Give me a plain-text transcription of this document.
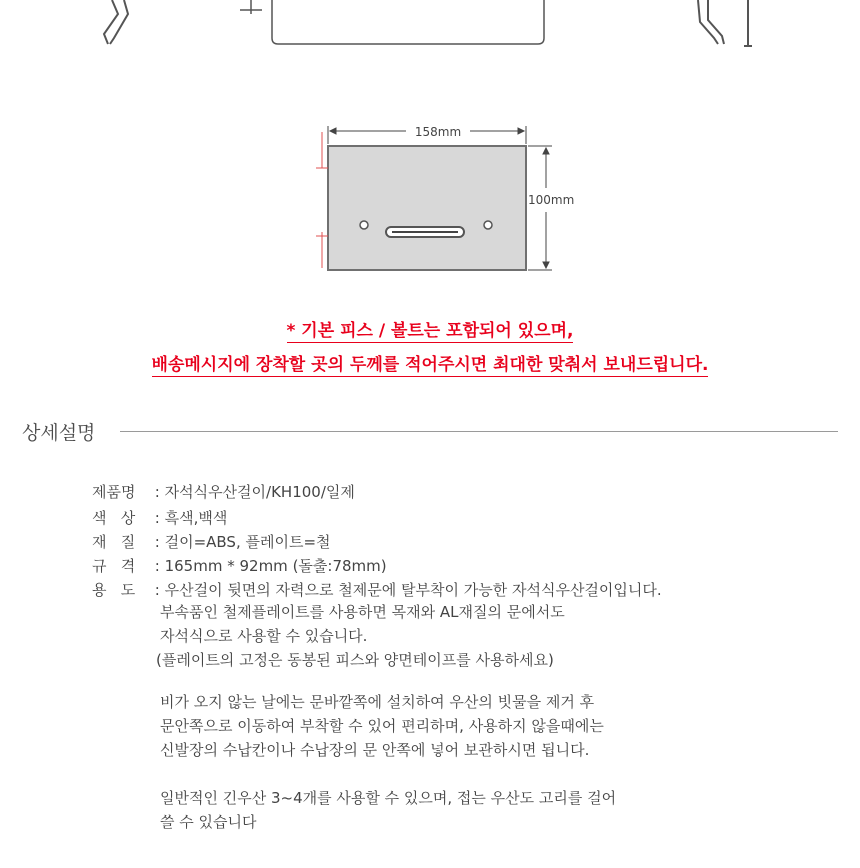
158mm
100mm
* 기본 피스 / 볼트는 포함되어 있으며,
배송메시지에 장착할 곳의 두께를 적어주시면 최대한 맞춰서 보내드립니다.
상세설명
제품명 : 자석식우산걸이/KH100/일제
색   상 : 흑색,백색
재   질 : 걸이=ABS, 플레이트=철
규   격 : 165mm * 92mm (돌출:78mm)
용   도 : 우산걸이 뒷면의 자력으로 철제문에 탈부착이 가능한 자석식우산걸이입니다.
부속품인 철제플레이트를 사용하면 목재와 AL재질의 문에서도
자석식으로 사용할 수 있습니다.
(플레이트의 고정은 동봉된 피스와 양면테이프를 사용하세요)
비가 오지 않는 날에는 문바깥쪽에 설치하여 우산의 빗물을 제거 후
문안쪽으로 이동하여 부착할 수 있어 편리하며, 사용하지 않을때에는
신발장의 수납칸이나 수납장의 문 안쪽에 넣어 보관하시면 됩니다.
일반적인 긴우산 3~4개를 사용할 수 있으며, 접는 우산도 고리를 걸어
쓸 수 있습니다
